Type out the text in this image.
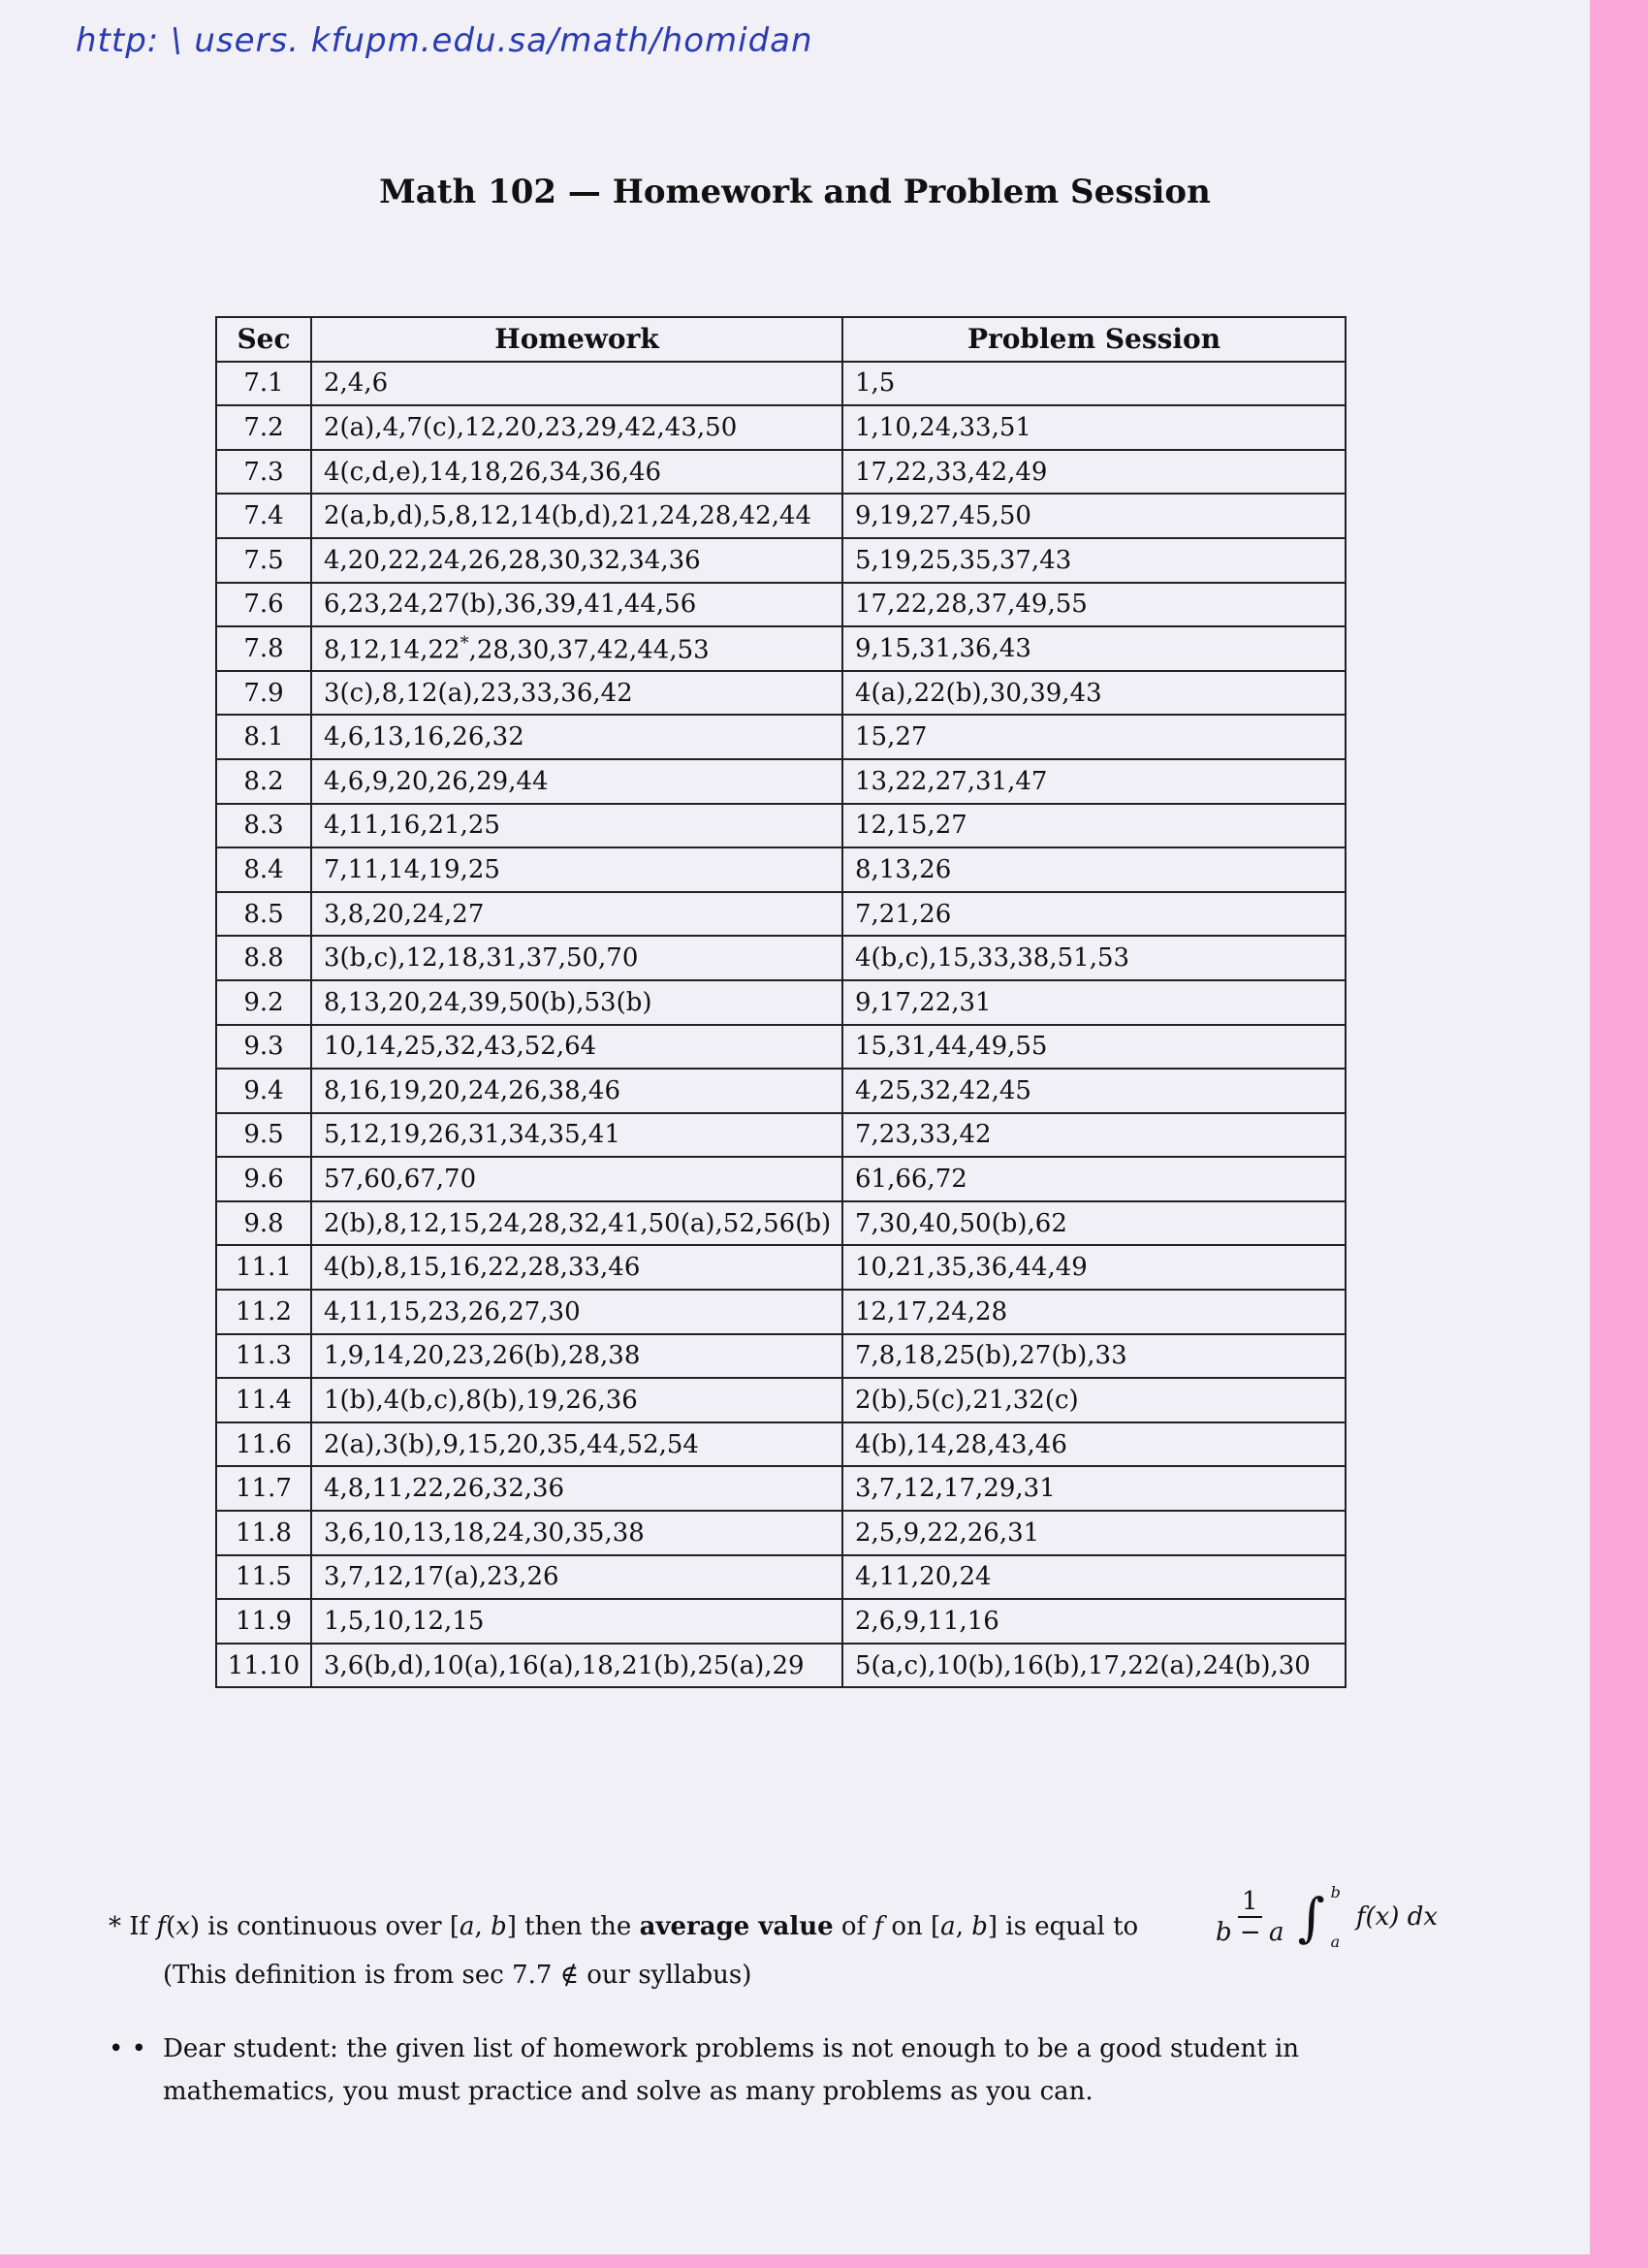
http: \ users. kfupm.edu.sa/math/homidan
Math 102 — Homework and Problem Session
Sec	Homework	Problem Session
7.1	2,4,6	1,5
7.2	2(a),4,7(c),12,20,23,29,42,43,50	1,10,24,33,51
7.3	4(c,d,e),14,18,26,34,36,46	17,22,33,42,49
7.4	2(a,b,d),5,8,12,14(b,d),21,24,28,42,44	9,19,27,45,50
7.5	4,20,22,24,26,28,30,32,34,36	5,19,25,35,37,43
7.6	6,23,24,27(b),36,39,41,44,56	17,22,28,37,49,55
7.8	8,12,14,22*,28,30,37,42,44,53	9,15,31,36,43
7.9	3(c),8,12(a),23,33,36,42	4(a),22(b),30,39,43
8.1	4,6,13,16,26,32	15,27
8.2	4,6,9,20,26,29,44	13,22,27,31,47
8.3	4,11,16,21,25	12,15,27
8.4	7,11,14,19,25	8,13,26
8.5	3,8,20,24,27	7,21,26
8.8	3(b,c),12,18,31,37,50,70	4(b,c),15,33,38,51,53
9.2	8,13,20,24,39,50(b),53(b)	9,17,22,31
9.3	10,14,25,32,43,52,64	15,31,44,49,55
9.4	8,16,19,20,24,26,38,46	4,25,32,42,45
9.5	5,12,19,26,31,34,35,41	7,23,33,42
9.6	57,60,67,70	61,66,72
9.8	2(b),8,12,15,24,28,32,41,50(a),52,56(b)	7,30,40,50(b),62
11.1	4(b),8,15,16,22,28,33,46	10,21,35,36,44,49
11.2	4,11,15,23,26,27,30	12,17,24,28
11.3	1,9,14,20,23,26(b),28,38	7,8,18,25(b),27(b),33
11.4	1(b),4(b,c),8(b),19,26,36	2(b),5(c),21,32(c)
11.6	2(a),3(b),9,15,20,35,44,52,54	4(b),14,28,43,46
11.7	4,8,11,22,26,32,36	3,7,12,17,29,31
11.8	3,6,10,13,18,24,30,35,38	2,5,9,22,26,31
11.5	3,7,12,17(a),23,26	4,11,20,24
11.9	1,5,10,12,15	2,6,9,11,16
11.10	3,6(b,d),10(a),16(a),18,21(b),25(a),29	5(a,c),10(b),16(b),17,22(a),24(b),30
* If f(x) is continuous over [a, b] then the average value of f on [a, b] is equal to	$\frac{1}{b - a}$ ∫ b
a
f(x) dx
(This definition is from sec 7.7 ∉ our syllabus)
• • Dear student: the given list of homework problems is not enough to be a good student in
mathematics, you must practice and solve as many problems as you can.
